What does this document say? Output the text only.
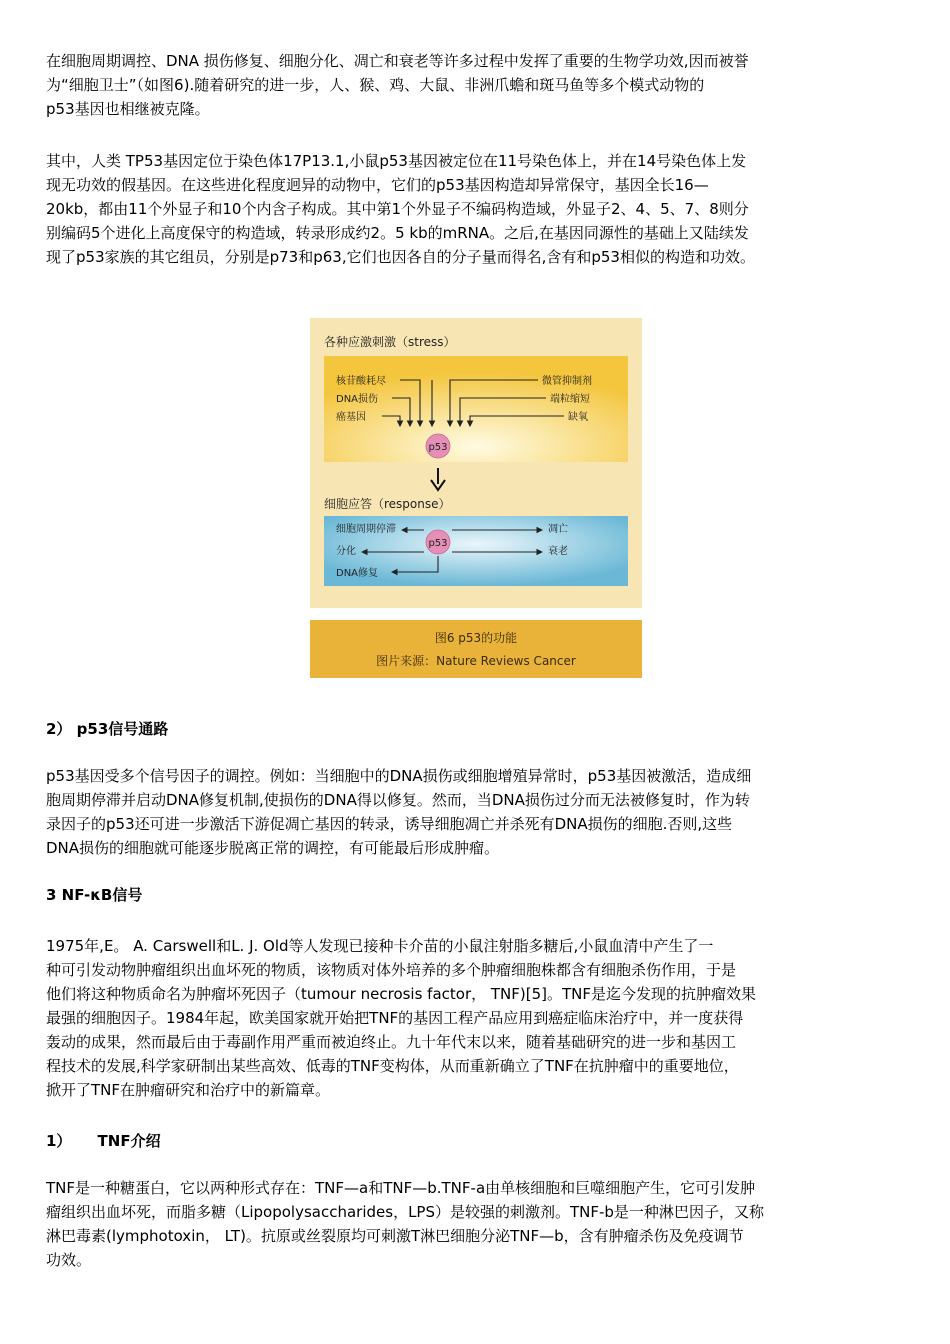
在细胞周期调控、DNA 损伤修复、细胞分化、凋亡和衰老等许多过程中发挥了重要的生物学功效,因而被誉
为“细胞卫士”（如图6).随着研究的进一步，人、猴、鸡、大鼠、非洲爪蟾和斑马鱼等多个模式动物的
p53基因也相继被克隆。
其中，人类 TP53基因定位于染色体17P13.1,小鼠p53基因被定位在11号染色体上，并在14号染色体上发
现无功效的假基因。在这些进化程度迥异的动物中，它们的p53基因构造却异常保守，基因全长16—
20kb，都由11个外显子和10个内含子构成。其中第1个外显子不编码构造域，外显子2、4、5、7、8则分
别编码5个进化上高度保守的构造域，转录形成约2。5 kb的mRNA。之后,在基因同源性的基础上又陆续发
现了p53家族的其它组员，分别是p73和p63,它们也因各自的分子量而得名,含有和p53相似的构造和功效。
各种应激刺激（stress）
核苷酸耗尽
DNA损伤
癌基因
微管抑制剂
端粒缩短
缺氧
p53
细胞应答（response）
细胞周期停滞
分化
DNA修复
凋亡
衰老
p53
图6 p53的功能
图片来源：Nature Reviews Cancer
2） p53信号通路
p53基因受多个信号因子的调控。例如：当细胞中的DNA损伤或细胞增殖异常时，p53基因被激活，造成细
胞周期停滞并启动DNA修复机制,使损伤的DNA得以修复。然而，当DNA损伤过分而无法被修复时，作为转
录因子的p53还可进一步激活下游促凋亡基因的转录，诱导细胞凋亡并杀死有DNA损伤的细胞.否则,这些
DNA损伤的细胞就可能逐步脱离正常的调控，有可能最后形成肿瘤。
3 NF-κB信号
1975年,E。 A. Carswell和L. J. Old等人发现已接种卡介苗的小鼠注射脂多糖后,小鼠血清中产生了一
种可引发动物肿瘤组织出血坏死的物质，该物质对体外培养的多个肿瘤细胞株都含有细胞杀伤作用，于是
他们将这种物质命名为肿瘤坏死因子（tumour necrosis factor， TNF)[5]。TNF是迄今发现的抗肿瘤效果
最强的细胞因子。1984年起，欧美国家就开始把TNF的基因工程产品应用到癌症临床治疗中，并一度获得
轰动的成果，然而最后由于毒副作用严重而被迫终止。九十年代末以来，随着基础研究的进一步和基因工
程技术的发展,科学家研制出某些高效、低毒的TNF变构体，从而重新确立了TNF在抗肿瘤中的重要地位，
掀开了TNF在肿瘤研究和治疗中的新篇章。
1）     TNF介绍
TNF是一种糖蛋白，它以两种形式存在：TNF—a和TNF—b.TNF-a由单核细胞和巨噬细胞产生，它可引发肿
瘤组织出血坏死，而脂多糖（Lipopolysaccharides，LPS）是较强的刺激剂。TNF-b是一种淋巴因子，又称
淋巴毒素(lymphotoxin， LT)。抗原或丝裂原均可刺激T淋巴细胞分泌TNF—b，含有肿瘤杀伤及免疫调节
功效。
